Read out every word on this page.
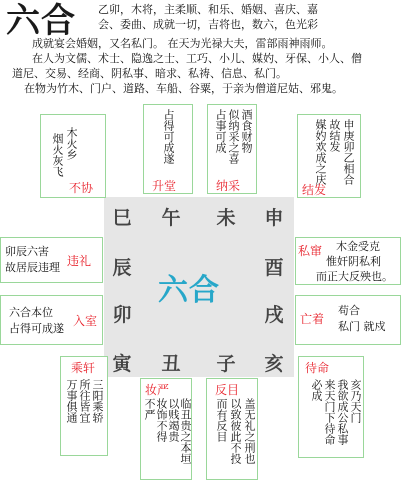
六合 乙卯，木将，主柔顺、和乐、婚姻、喜庆、嘉
会、委曲、成就一切，吉将也，数六，色光彩
成就宴会婚姻，又名私门。 在天为光禄大夫，雷部雨神雨师。
在人为文儒、术士、隐逸之士、工巧、小儿、媒妁、牙保、小人、僧
道尼、交易、经商、阴私事、暗求、私祷、信息、私门。
在物为竹木、门户、道路、车船、谷粟，于亲为僧道尼姑、邪鬼。
巳 午 未 申
辰	酉
卯	戌
寅 丑 子 亥
六合
木火乡
烟火灰飞
不协
占得可成遂
升堂
酒食财物
似纳采之喜
占事可成
纳采
申庚卯乙相合
故结发
媒妁欢成之庆
结发
卯辰六害
故居辰违理 违礼
私窜 木金受克
惟奸阴私利
而正大反殃也。
六合本位
占得可成遂
入室	亡着
苟合
私门 就戍
乘轩
三阳乘轿
所往皆宜
万事俱通	妆严
临丑贵之本垣
以贱竭贵
妆饰不得
不严
反目
盖无礼之刑也
以致彼此不投
而有反目
待命
亥乃天门
我欲成公私事
来天门下待命
必成
